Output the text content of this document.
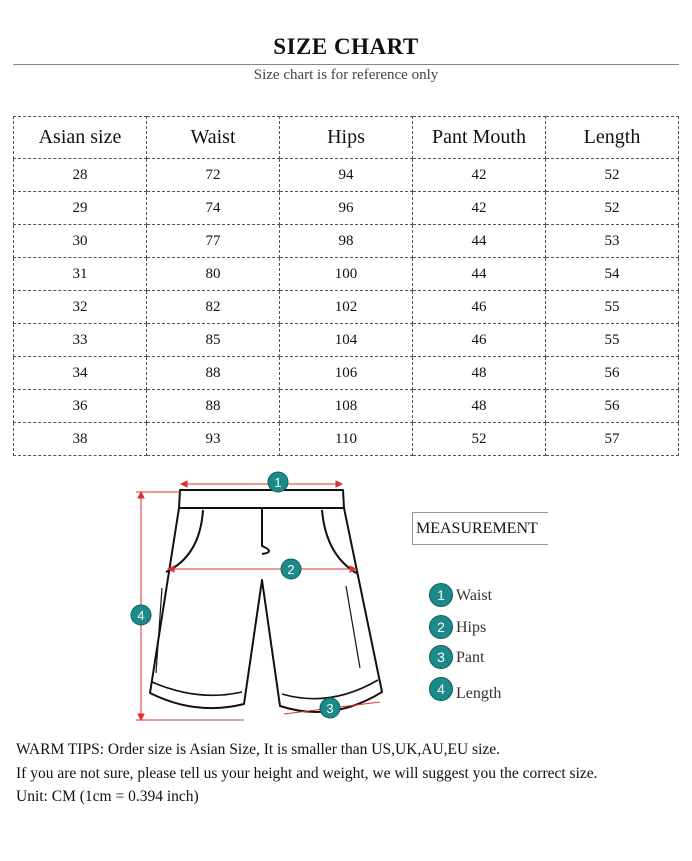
SIZE CHART
Size chart is for reference only
Asian size	Waist	Hips	Pant Mouth	Length
28	72	94	42	52
29	74	96	42	52
30	77	98	44	53
31	80	100	44	54
32	82	102	46	55
33	85	104	46	55
34	88	106	48	56
36	88	108	48	56
38	93	110	52	57
1
2
3
4
MEASUREMENT
1 Waist
2 Hips
3 Pant
4 Length

WARM TIPS: Order size is Asian Size, It is smaller than US,UK,AU,EU size.

If you are not sure, please tell us your height and weight, we will suggest you the correct size.

Unit: CM (1cm = 0.394 inch)
